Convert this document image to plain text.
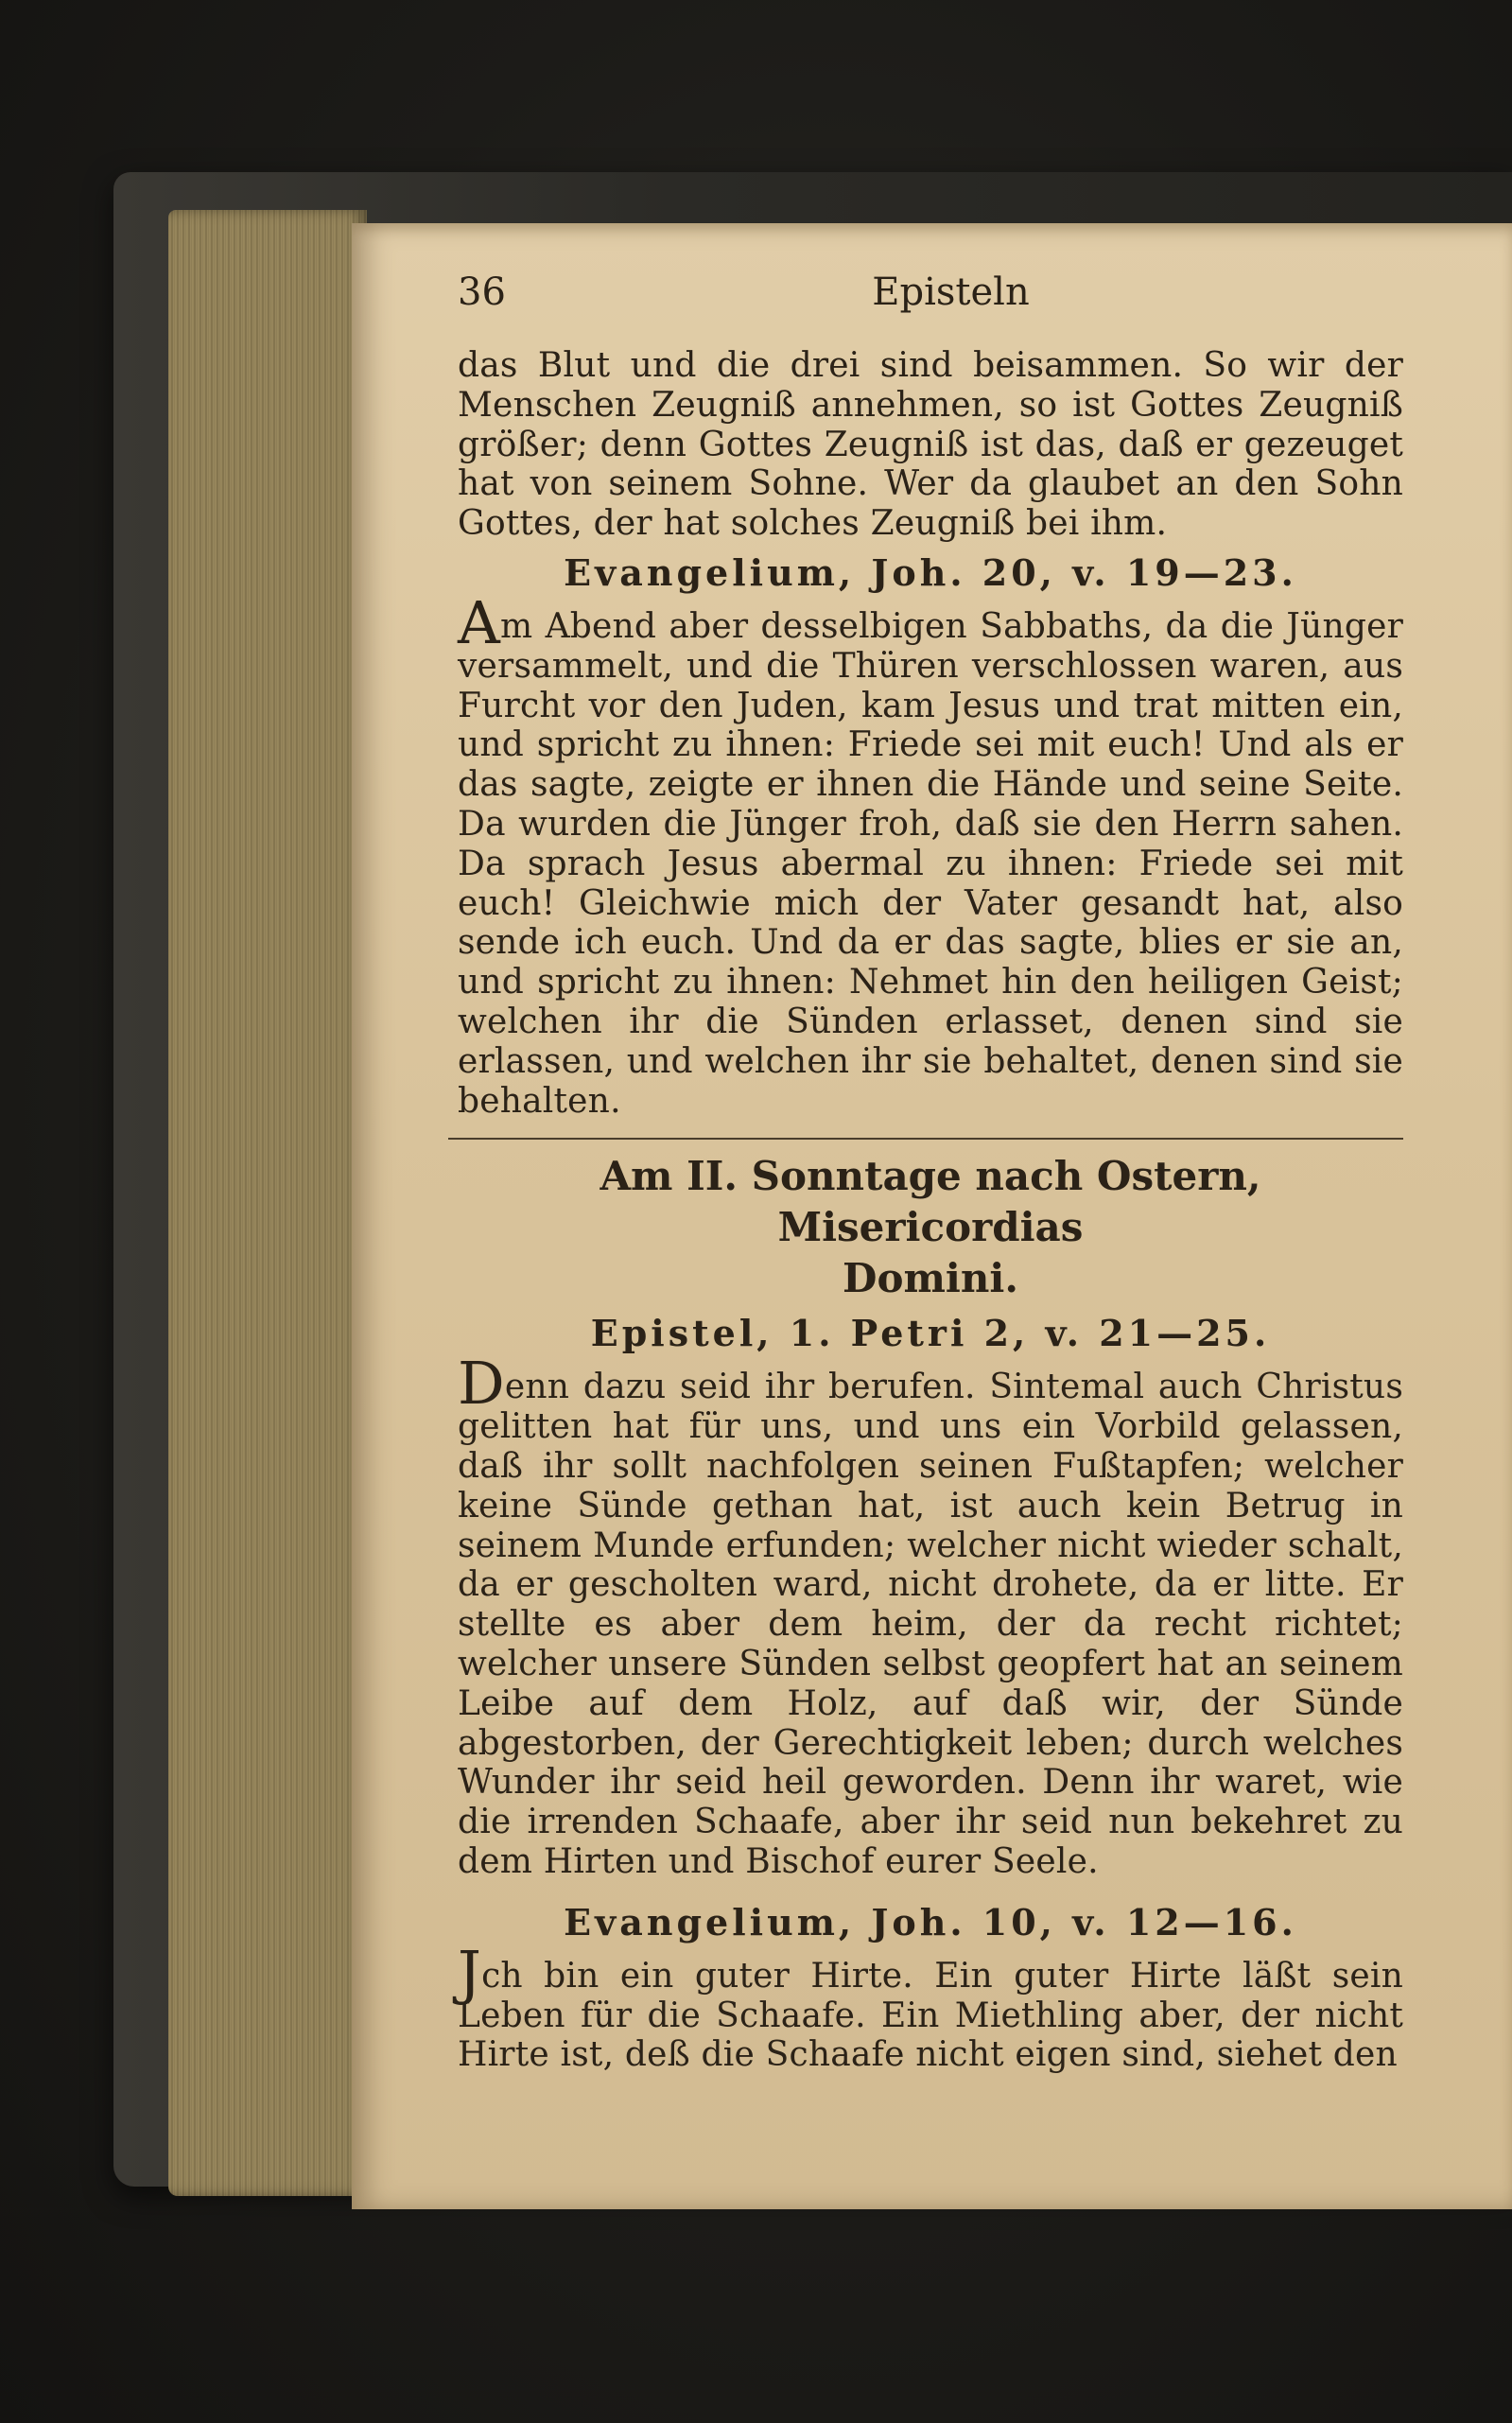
36	Episteln

das Blut und die drei sind beisammen. So wir der Menschen Zeugniß annehmen, so ist Gottes Zeugniß größer; denn Gottes Zeugniß ist das, daß er gezeuget hat von seinem Sohne. Wer da glaubet an den Sohn Gottes, der hat solches Zeugniß bei ihm.

Evangelium, Joh. 20, v. 19—23.

Am Abend aber desselbigen Sabbaths, da die Jünger versammelt, und die Thüren verschlossen waren, aus Furcht vor den Juden, kam Jesus und trat mitten ein, und spricht zu ihnen: Friede sei mit euch! Und als er das sagte, zeigte er ihnen die Hände und seine Seite. Da wurden die Jünger froh, daß sie den Herrn sahen. Da sprach Jesus abermal zu ihnen: Friede sei mit euch! Gleichwie mich der Vater gesandt hat, also sende ich euch. Und da er das sagte, blies er sie an, und spricht zu ihnen: Nehmet hin den heiligen Geist; welchen ihr die Sünden erlasset, denen sind sie erlassen, und welchen ihr sie behaltet, denen sind sie behalten.

Am II. Sonntage nach Ostern, Misericordias
Domini.
Epistel, 1. Petri 2, v. 21—25.

Denn dazu seid ihr berufen. Sintemal auch Christus gelitten hat für uns, und uns ein Vorbild gelassen, daß ihr sollt nachfolgen seinen Fußtapfen; welcher keine Sünde gethan hat, ist auch kein Betrug in seinem Munde erfunden; welcher nicht wieder schalt, da er gescholten ward, nicht drohete, da er litte. Er stellte es aber dem heim, der da recht richtet; welcher unsere Sünden selbst geopfert hat an seinem Leibe auf dem Holz, auf daß wir, der Sünde abgestorben, der Gerechtigkeit leben; durch welches Wunder ihr seid heil geworden. Denn ihr waret, wie die irrenden Schaafe, aber ihr seid nun bekehret zu dem Hirten und Bischof eurer Seele.

Evangelium, Joh. 10, v. 12—16.

Jch bin ein guter Hirte. Ein guter Hirte läßt sein Leben für die Schaafe. Ein Miethling aber, der nicht Hirte ist, deß die Schaafe nicht eigen sind, siehet den
